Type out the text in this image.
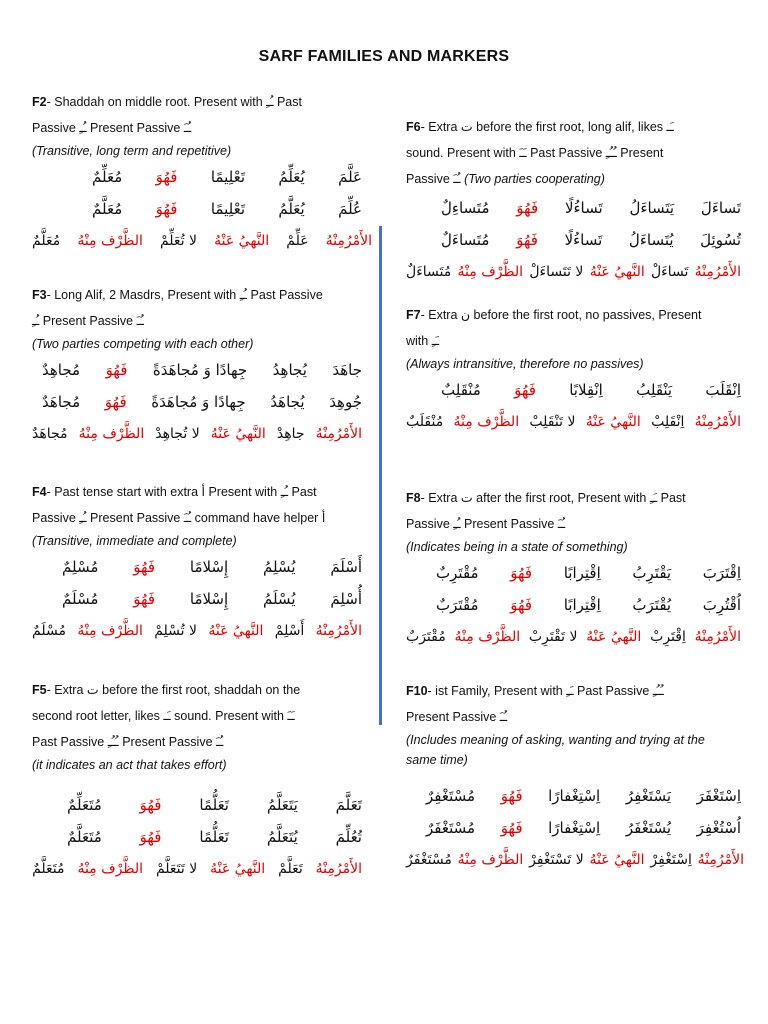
SARF FAMILIES AND MARKERS
F2- Shaddah on middle root. Present with ـُـِ Past
Passive ـُـِ Present Passive ـُـَ
(Transitive, long term and repetitive)
عَلَّمَ
يُعَلِّمُ
تَعْلِيمًا
فَهُوَ
مُعَلِّمٌ
عُلِّمَ
يُعَلَّمُ
تَعْلِيمًا
فَهُوَ
مُعَلَّمٌ
الأَمْرُمِنْهُ
عَلِّمْ
النَّهيُ عَنْهُ
لا تُعَلِّمْ
الظَّرْف مِنْهُ
مُعَلَّمٌ
F3- Long Alif, 2 Masdrs, Present with ـُـِ Past Passive
ـُـِ Present Passive ـُـَ
(Two parties competing with each other)
جاهَدَ
يُجاهِدُ
جِهادًا وَ مُجاهَدَةً
فَهُوَ
مُجاهِدٌ
جُوهِدَ
يُجاهَدُ
جِهادًا وَ مُجاهَدَةً
فَهُوَ
مُجاهَدٌ
الأَمْرُمِنْهُ
جاهِدْ
النَّهيُ عَنْهُ
لا تُجاهِدْ
الظَّرْف مِنْهُ
مُجاهَدٌ
F4- Past tense start with extra أ Present with ـُـِ Past
Passive ـُـِ Present Passive ـُـَ command have helper أ
(Transitive, immediate and complete)
أَسْلَمَ
يُسْلِمُ
إِسْلامًا
فَهُوَ
مُسْلِمٌ
أُسْلِمَ
يُسْلَمُ
إِسْلامًا
فَهُوَ
مُسْلَمٌ
الأَمْرُمِنْهُ
أَسْلِمْ
النَّهيُ عَنْهُ
لا تُسْلِمْ
الظَّرْف مِنْهُ
مُسْلَمٌ
F5- Extra ت before the first root, shaddah on the
second root letter, likes ـَـ sound. Present with ـَـَ
Past Passive ـُـُـِ Present Passive ـُـَ
(it indicates an act that takes effort)
تَعَلَّمَ
يَتَعَلَّمُ
تَعَلُّمًا
فَهُوَ
مُتَعَلِّمٌ
تُعُلِّمَ
يُتَعَلَّمُ
تَعَلُّمًا
فَهُوَ
مُتَعَلَّمٌ
الأَمْرُمِنْهُ
تَعَلَّمْ
النَّهيُ عَنْهُ
لا تَتَعَلَّمْ
الظَّرْف مِنْهُ
مُتَعَلَّمٌ
F6- Extra ت before the first root, long alif, likes ـَـ
sound. Present with ـَـَ Past Passive ـُـُـِ Present
Passive ـُـَ (Two parties cooperating)
تَساءَلَ
يَتَساءَلُ
تَساءُلًا
فَهُوَ
مُتَساءِلٌ
تُسُوئِلَ
يُتَساءَلُ
تَساءُلًا
فَهُوَ
مُتَساءَلٌ
الأَمْرُمِنْهُ
تَساءَلْ
النَّهيُ عَنْهُ
لا تَتَساءَلْ
الظَّرْف مِنْهُ
مُتَساءَلٌ
F7- Extra ن before the first root, no passives, Present
with ـَـِ
(Always intransitive, therefore no passives)
اِنْقَلَبَ
يَنْقَلِبُ
اِنْقِلابًا
فَهُوَ
مُنْقَلِبٌ
الأَمْرُمِنْهُ
اِنْقَلِبْ
النَّهيُ عَنْهُ
لا تَنْقَلِبْ
الظَّرْف مِنْهُ
مُنْقَلَبٌ
F8- Extra ت after the first root, Present with ـَـِ Past
Passive ـُـِ Present Passive ـُـَ
(Indicates being in a state of something)
اِقْتَرَبَ
يَقْتَرِبُ
اِقْتِرابًا
فَهُوَ
مُقْتَرِبٌ
اُقْتُرِبَ
يُقْتَرَبُ
اِقْتِرابًا
فَهُوَ
مُقْتَرَبٌ
الأَمْرُمِنْهُ
اِقْتَرِبْ
النَّهيُ عَنْهُ
لا تَقْتَرِبْ
الظَّرْف مِنْهُ
مُقْتَرَبٌ
F10- ist Family, Present with ـَـِ Past Passive ـُـُـِ
Present Passive ـُـَ
(Includes meaning of asking, wanting and trying at the same time)
اِسْتَغْفَرَ
يَسْتَغْفِرُ
اِسْتِغْفارًا
فَهُوَ
مُسْتَغْفِرٌ
اُسْتُغْفِرَ
يُسْتَغْفَرُ
اِسْتِغْفارًا
فَهُوَ
مُسْتَغْفَرٌ
الأَمْرُمِنْهُ
اِسْتَغْفِرْ
النَّهيُ عَنْهُ
لا تَسْتَغْفِرْ
الظَّرْف مِنْهُ
مُسْتَغْفَرٌ
